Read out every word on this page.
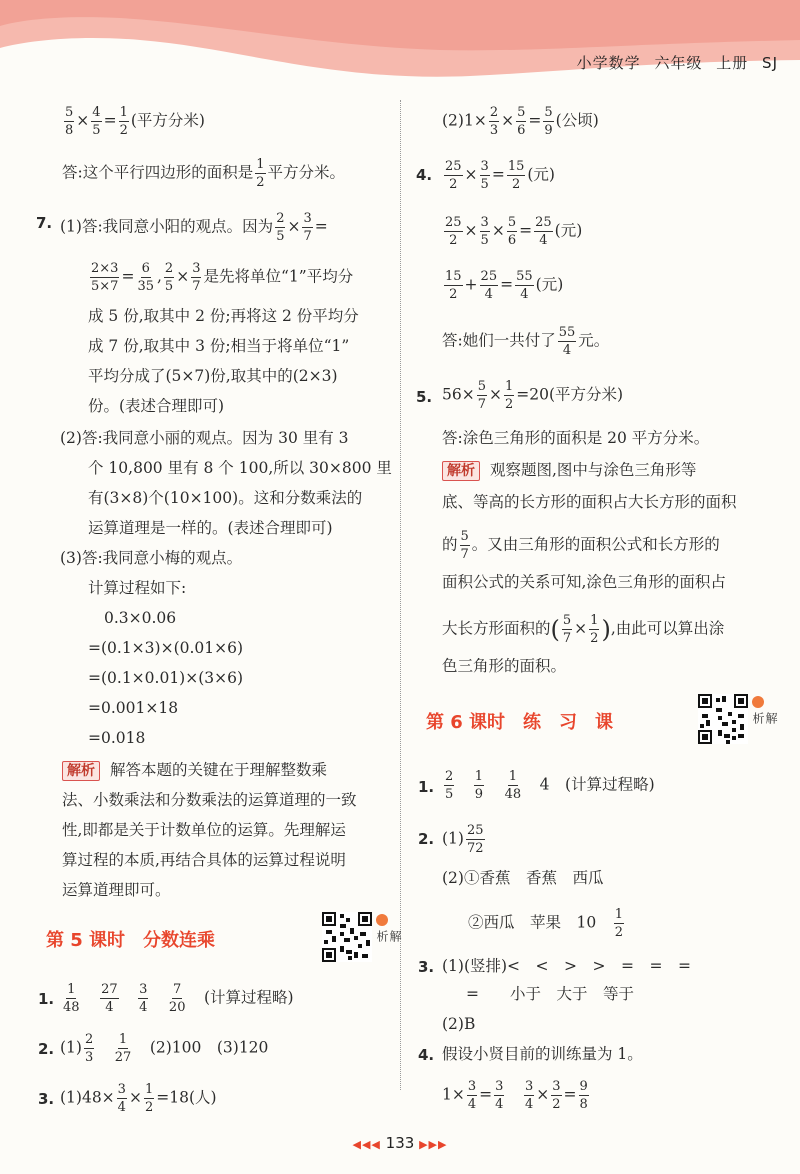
小学数学 六年级 上册 SJ
$\frac{5}{8} \times \frac{4}{5} = \frac{1}{2}$ (平方分米)
答:这个平行四边形的面积是 $\frac{1}{2}$ 平方分米。
7. (1)答:我同意小阳的观点。因为 $\frac{2}{5} \times \frac{3}{7}$ =
$\frac{2\times 3}{5\times 7} = \frac{6}{35}$ , $\frac{2}{5} \times \frac{3}{7}$ 是先将单位“1”平均分
成 5 份,取其中 2 份;再将这 2 份平均分
成 7 份,取其中 3 份;相当于将单位“1”
平均分成了(5×7)份,取其中的(2×3)
份。(表述合理即可)
(2)答:我同意小丽的观点。因为 30 里有 3
个 10,800 里有 8 个 100,所以 30×800 里
有(3×8)个(10×100)。这和分数乘法的
运算道理是一样的。(表述合理即可)
(3)答:我同意小梅的观点。
计算过程如下:
0.3×0.06
=(0.1×3)×(0.01×6)
=(0.1×0.01)×(3×6)
=0.001×18
=0.018
解析 解答本题的关键在于理解整数乘
法、小数乘法和分数乘法的运算道理的一致
性,即都是关于计数单位的运算。先理解运
算过程的本质,再结合具体的运算过程说明
运算道理即可。
第 5 课时　分数连乘	解析
1. $\frac{1}{48}$
　 $\frac{27}{4}$
　 $\frac{3}{4}$
　 $\frac{7}{20}$
　 (计算过程略)
2. $(1) \frac{2}{3}$
　 $\frac{1}{27}$
　 (2)100　(3)120
3. $(1)48\times \frac{3}{4} \times \frac{1}{2} =18$(人)
$(2)1\times \frac{2}{3} \times \frac{5}{6} = \frac{5}{9}$ (公顷)
4. $\frac{25}{2} \times \frac{3}{5} = \frac{15}{2}$ (元)
$\frac{25}{2} \times \frac{3}{5} \times \frac{5}{6} = \frac{25}{4}$ (元)
$\frac{15}{2} + \frac{25}{4} = \frac{55}{4}$ (元)
答:她们一共付了 $\frac{55}{4}$ 元。
5. $56\times \frac{5}{7} \times \frac{1}{2} =20$(平方分米)
答:涂色三角形的面积是 20 平方分米。
解析 观察题图,图中与涂色三角形等
底、等高的长方形的面积占大长方形的面积
的 $\frac{5}{7}$ 。又由三角形的面积公式和长方形的
面积公式的关系可知,涂色三角形的面积占
大长方形面积的( $\frac{5}{7} \times \frac{1}{2}$ ),由此可以算出涂
色三角形的面积。
第 6 课时　练　习　课	解析
1. $\frac{2}{5}$
　 $\frac{1}{9}$
　 $\frac{1}{48}$
　 4　 (计算过程略)
2. $(1) \frac{25}{72}$
(2)①香蕉　香蕉　西瓜
②西瓜　苹果　10　 $\frac{1}{2}$
3. (1)(竖排)<　<　>　>　=　=　=
=　　小于　大于　等于
(2)B
4. 假设小贤目前的训练量为 1。
$1\times \frac{3}{4} = \frac{3}{4}$
　 $\frac{3}{4} \times \frac{3}{2} = \frac{9}{8}$
◀◀◀ 133 ▶▶▶
